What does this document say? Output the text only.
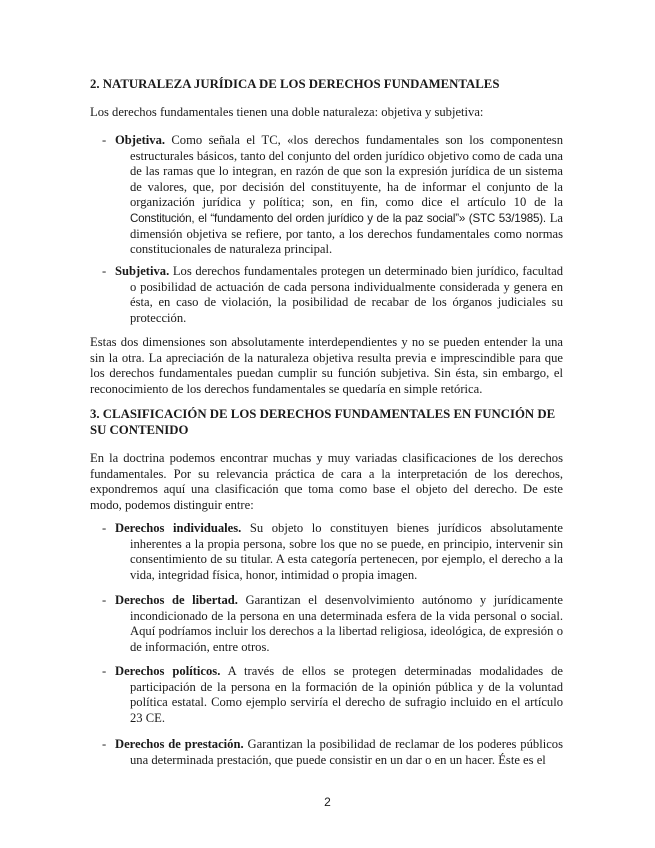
2. NATURALEZA JURÍDICA DE LOS DERECHOS FUNDAMENTALES

Los derechos fundamentales tienen una doble naturaleza: objetiva y subjetiva:

- Objetiva. Como señala el TC, «los derechos fundamentales son los componentesn estructurales básicos, tanto del conjunto del orden jurídico objetivo como de cada una de las ramas que lo integran, en razón de que son la expresión jurídica de un sistema de valores, que, por decisión del constituyente, ha de informar el conjunto de la organización jurídica y política; son, en fin, como dice el artículo 10 de la Constitución, el “fundamento del orden jurídico y de la paz social”» (STC 53/1985). La dimensión objetiva se refiere, por tanto, a los derechos fundamentales como normas constitucionales de naturaleza principal.

- Subjetiva. Los derechos fundamentales protegen un determinado bien jurídico, facultad o posibilidad de actuación de cada persona individualmente considerada y genera en ésta, en caso de violación, la posibilidad de recabar de los órganos judiciales su protección.

Estas dos dimensiones son absolutamente interdependientes y no se pueden entender la una sin la otra. La apreciación de la naturaleza objetiva resulta previa e imprescindible para que los derechos fundamentales puedan cumplir su función subjetiva. Sin ésta, sin embargo, el reconocimiento de los derechos fundamentales se quedaría en simple retórica.

3. CLASIFICACIÓN DE LOS DERECHOS FUNDAMENTALES EN FUNCIÓN DE SU CONTENIDO

En la doctrina podemos encontrar muchas y muy variadas clasificaciones de los derechos fundamentales. Por su relevancia práctica de cara a la interpretación de los derechos, expondremos aquí una clasificación que toma como base el objeto del derecho. De este modo, podemos distinguir entre:

- Derechos individuales. Su objeto lo constituyen bienes jurídicos absolutamente inherentes a la propia persona, sobre los que no se puede, en principio, intervenir sin consentimiento de su titular. A esta categoría pertenecen, por ejemplo, el derecho a la vida, integridad física, honor, intimidad o propia imagen.

- Derechos de libertad. Garantizan el desenvolvimiento autónomo y jurídicamente incondicionado de la persona en una determinada esfera de la vida personal o social. Aquí podríamos incluir los derechos a la libertad religiosa, ideológica, de expresión o de información, entre otros.

- Derechos políticos. A través de ellos se protegen determinadas modalidades de participación de la persona en la formación de la opinión pública y de la voluntad política estatal. Como ejemplo serviría el derecho de sufragio incluido en el artículo 23 CE.

- Derechos de prestación. Garantizan la posibilidad de reclamar de los poderes públicos una determinada prestación, que puede consistir en un dar o en un hacer. Éste es el

2
